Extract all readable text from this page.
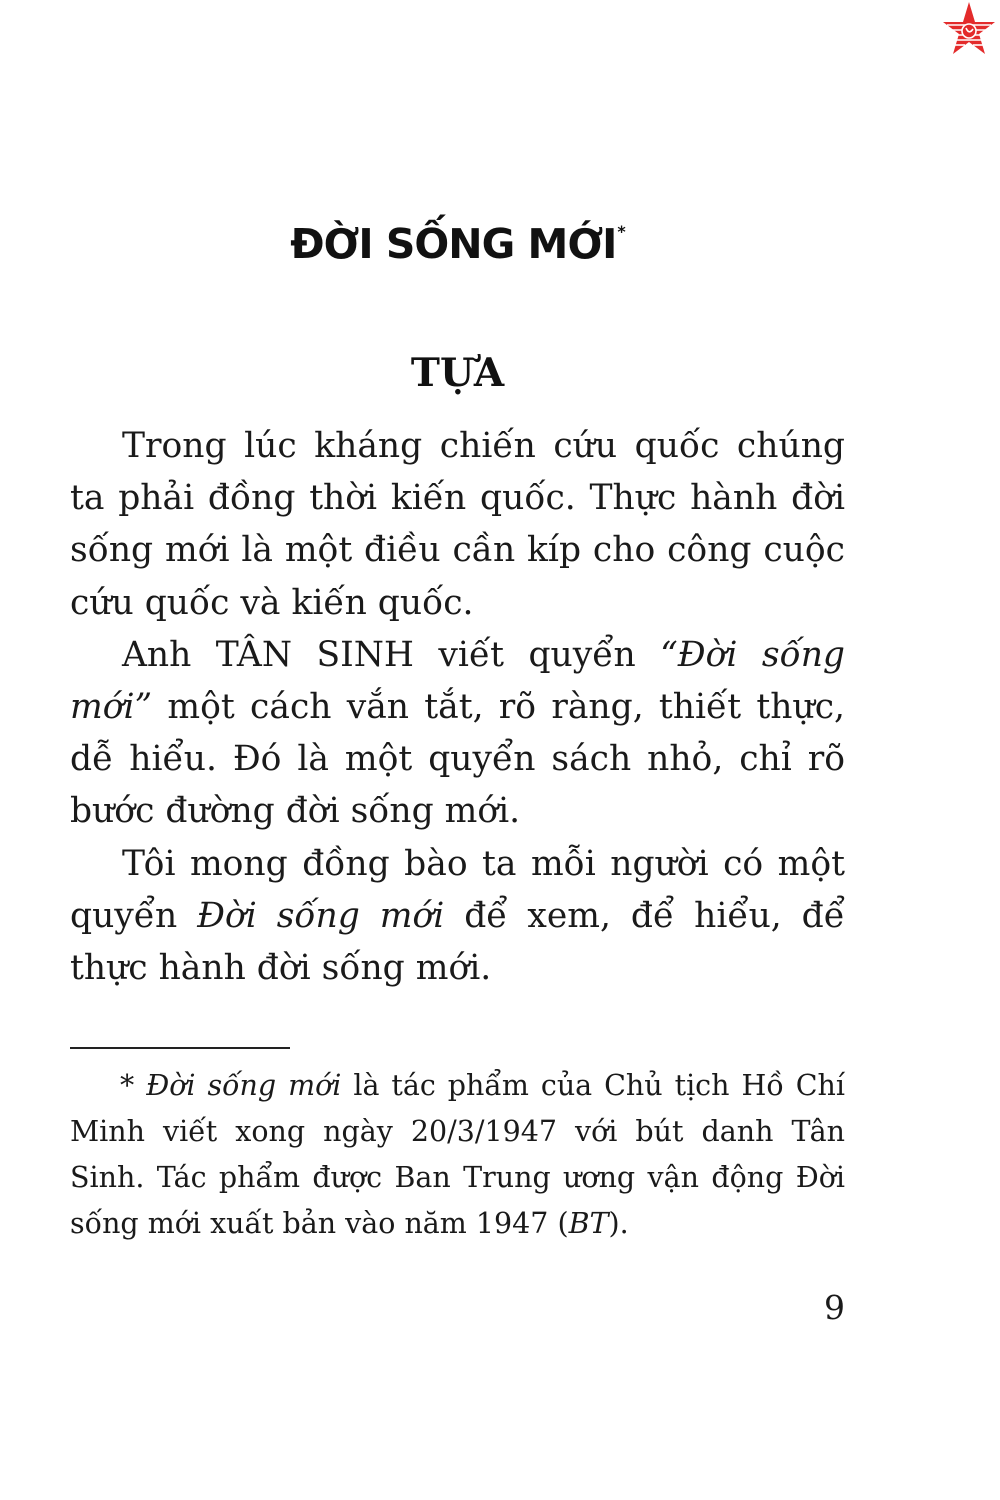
ĐỜI SỐNG MỚI*
TỰA

Trong lúc kháng chiến cứu quốc chúng ta phải đồng thời kiến quốc. Thực hành đời sống mới là một điều cần kíp cho công cuộc cứu quốc và kiến quốc.

Anh TÂN SINH viết quyển “Đời sống mới” một cách vắn tắt, rõ ràng, thiết thực, dễ hiểu. Đó là một quyển sách nhỏ, chỉ rõ bước đường đời sống mới.

Tôi mong đồng bào ta mỗi người có một quyển Đời sống mới để xem, để hiểu, để thực hành đời sống mới.

* Đời sống mới là tác phẩm của Chủ tịch Hồ Chí Minh viết xong ngày 20/3/1947 với bút danh Tân Sinh. Tác phẩm được Ban Trung ương vận động Đời sống mới xuất bản vào năm 1947 (BT).

9
